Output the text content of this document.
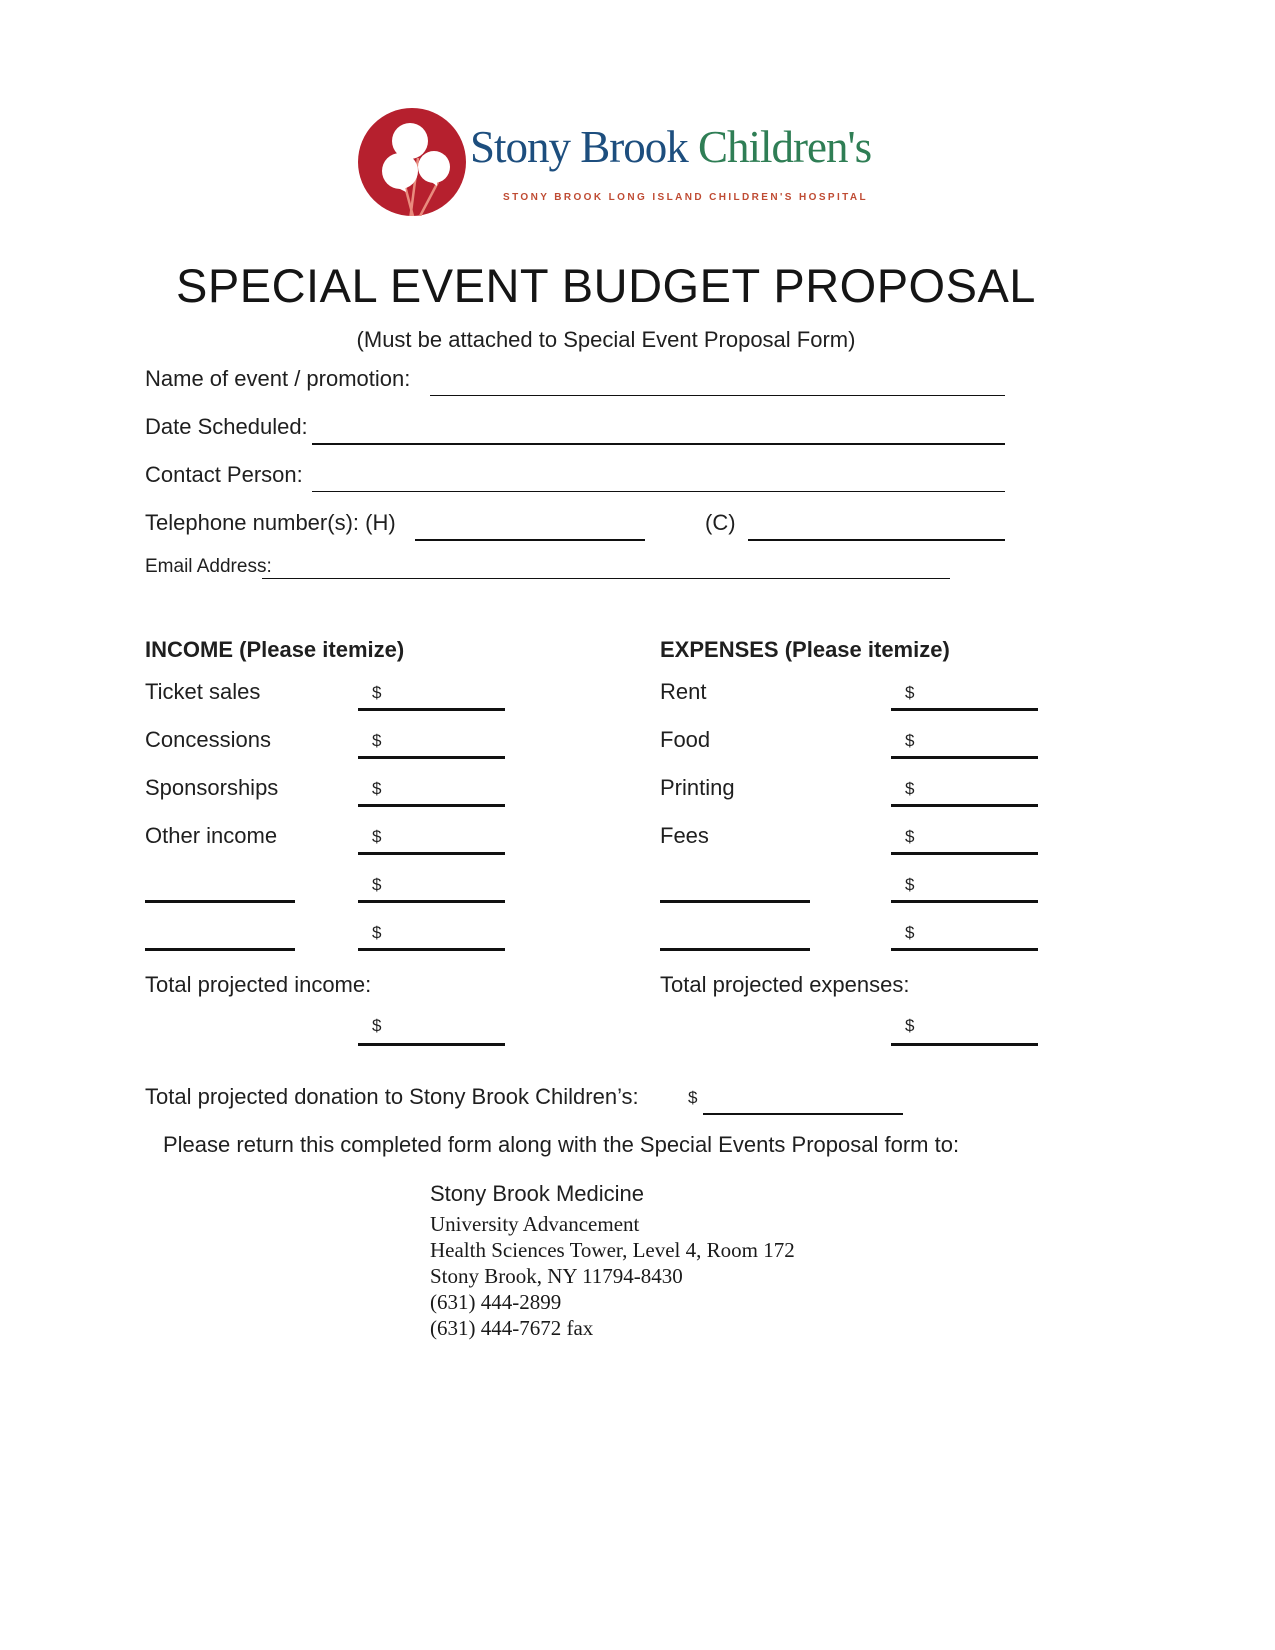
Stony Brook Children's
STONY BROOK LONG ISLAND CHILDREN'S HOSPITAL
SPECIAL EVENT BUDGET PROPOSAL
(Must be attached to Special Event Proposal Form)
Name of event / promotion:
Date Scheduled:
Contact Person:
Telephone number(s): (H)	(C)
Email Address:
INCOME (Please itemize)	EXPENSES (Please itemize)
Ticket sales	$
Concessions	$
Sponsorships	$
Other income	$
$
$
Rent	$
Food	$
Printing	$
Fees	$
$
$
Total projected income:	Total projected expenses:
$	$
Total projected donation to Stony Brook Children’s:	$
Please return this completed form along with the Special Events Proposal form to:
Stony Brook Medicine
University Advancement
Health Sciences Tower, Level 4, Room 172
Stony Brook, NY 11794-8430
(631) 444-2899
(631) 444-7672 fax
